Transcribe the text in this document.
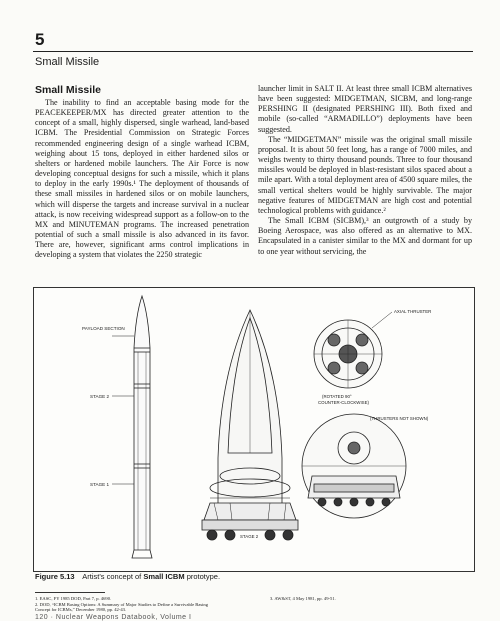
5
Small Missile
Small Missile

The inability to find an acceptable basing mode for the PEACEKEEPER/MX has directed greater attention to the concept of a small, highly dispersed, single warhead, land-based ICBM. The Presidential Commission on Strategic Forces recommended engineering design of a single warhead ICBM, weighing about 15 tons, deployed in either hardened silos or shelters or hardened mobile launchers. The Air Force is now developing conceptual designs for such a missile, which it plans to deploy in the early 1990s.¹ The deployment of thousands of these small missiles in hardened silos or on mobile launchers, which will disperse the targets and increase survival in a nuclear attack, is now receiving widespread support as a follow-on to the MX and MINUTEMAN programs. The increased penetration potential of such a small missile is also advanced in its favor. There are, however, significant arms control implications in developing a system that violates the 2250 strategic

launcher limit in SALT II. At least three small ICBM alternatives have been suggested: MIDGETMAN, SICBM, and long-range PERSHING II (designated PERSHING III). Both fixed and mobile (so-called “ARMADILLO”) deployments have been suggested.

The “MIDGETMAN” missile was the original small missile proposal. It is about 50 feet long, has a range of 7000 miles, and weighs twenty to thirty thousand pounds. Three to four thousand missiles would be deployed in blast-resistant silos spaced about a mile apart. With a total deployment area of 4500 square miles, the small vertical shelters would be highly survivable. The major negative features of MIDGETMAN are high cost and potential technological problems with guidance.²

The Small ICBM (SICBM),³ an outgrowth of a study by Boeing Aerospace, was also offered as an alternative to MX. Encapsulated in a canister similar to the MX and dormant for up to one year without servicing, the

PAYLOAD SECTION
STAGE 2
STAGE 1
STAGE 2
AXIAL THRUSTER
(ROTATED 90°
COUNTER-CLOCKWISE)
(THRUSTERS NOT SHOWN)
Figure 5.13 Artist's concept of Small ICBM prototype.
1. EASC, FY 1985 DOD, Part 7, p. 4690.
2. DOD, “ICBM Basing Options: A Summary of Major Studies to Define a Survivable Basing
Concept for ICBMs,” December 1980, pp. 42-43.
3. AW&ST, 4 May 1981, pp. 49-51.
120 · Nuclear Weapons Databook, Volume I
